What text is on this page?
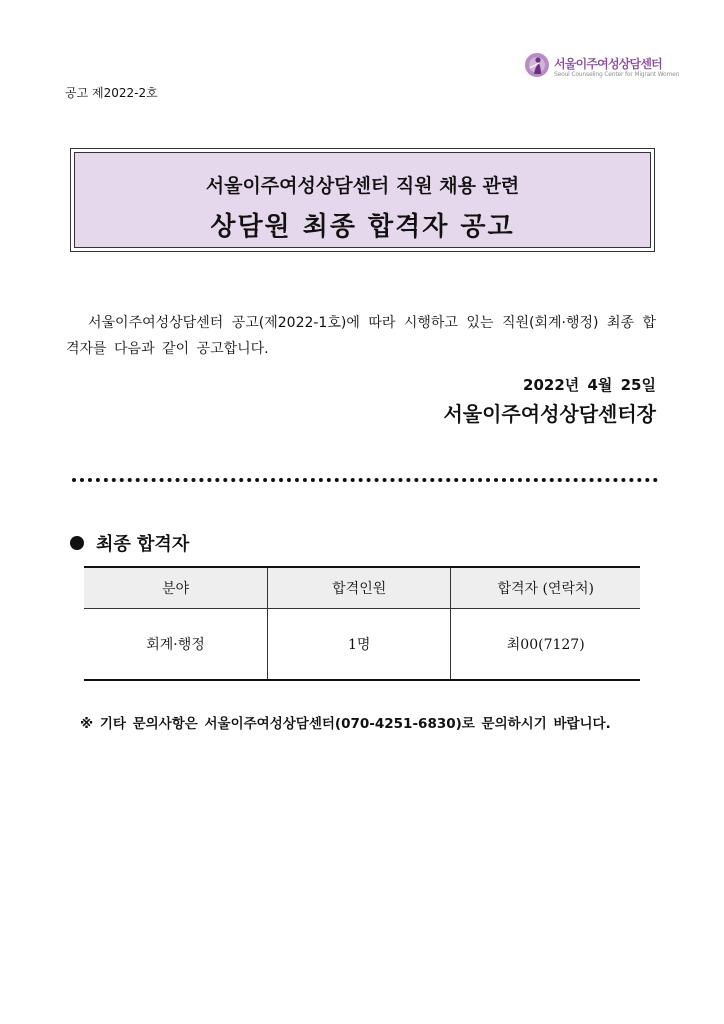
공고 제2022-2호
서울이주여성상담센터
Seoul Counseling Center for Migrant Women
서울이주여성상담센터 직원 채용 관련
상담원 최종 합격자 공고

서울이주여성상담센터 공고(제2022-1호)에 따라 시행하고 있는 직원(회계·행정) 최종 합격자를 다음과 같이 공고합니다.

2022년 4월 25일
서울이주여성상담센터장
최종 합격자
분야	합격인원	합격자 (연락처)
회계·행정	1명	최00(7127)
※ 기타 문의사항은 서울이주여성상담센터(070-4251-6830)로 문의하시기 바랍니다.
